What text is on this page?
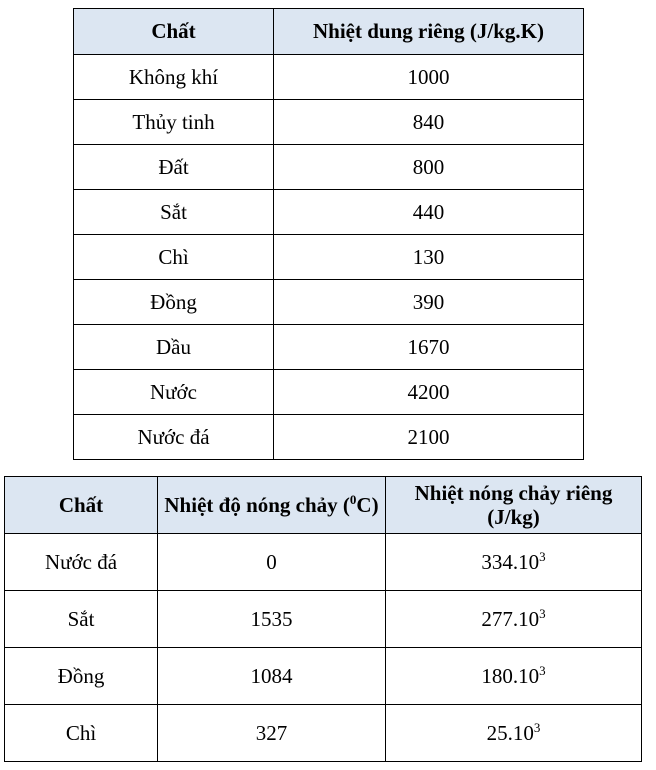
Chất	Nhiệt dung riêng (J/kg.K)
Không khí	1000
Thủy tinh	840
Đất	800
Sắt	440
Chì	130
Đồng	390
Dầu	1670
Nước	4200
Nước đá	2100
Chất	Nhiệt độ nóng chảy ($^0$C)	Nhiệt nóng chảy riêng (J/kg)
Nước đá	0	334.10$^3$
Sắt	1535	277.10$^3$
Đồng	1084	180.10$^3$
Chì	327	25.10$^3$
